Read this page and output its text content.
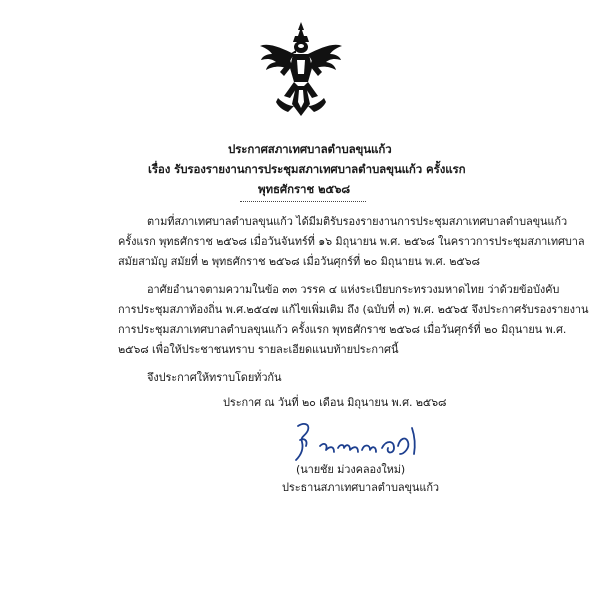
ประกาศสภาเทศบาลตำบลขุนแก้ว
เรื่อง รับรองรายงานการประชุมสภาเทศบาลตำบลขุนแก้ว ครั้งแรก
พุทธศักราช ๒๕๖๘
ตามที่สภาเทศบาลตำบลขุนแก้ว ได้มีมติรับรองรายงานการประชุมสภาเทศบาลตำบลขุนแก้ว
ครั้งแรก พุทธศักราช ๒๕๖๘ เมื่อวันจันทร์ที่ ๑๖ มิถุนายน พ.ศ. ๒๕๖๘ ในคราวการประชุมสภาเทศบาล
สมัยสามัญ สมัยที่ ๒ พุทธศักราช ๒๕๖๘ เมื่อวันศุกร์ที่ ๒๐ มิถุนายน พ.ศ. ๒๕๖๘
อาศัยอำนาจตามความในข้อ ๓๓ วรรค ๔ แห่งระเบียบกระทรวงมหาดไทย ว่าด้วยข้อบังคับ
การประชุมสภาท้องถิ่น พ.ศ.๒๕๔๗ แก้ไขเพิ่มเติม ถึง (ฉบับที่ ๓) พ.ศ. ๒๕๖๕ จึงประกาศรับรองรายงาน
การประชุมสภาเทศบาลตำบลขุนแก้ว ครั้งแรก พุทธศักราช ๒๕๖๘ เมื่อวันศุกร์ที่ ๒๐ มิถุนายน พ.ศ.
๒๕๖๘ เพื่อให้ประชาชนทราบ รายละเอียดแนบท้ายประกาศนี้
จึงประกาศให้ทราบโดยทั่วกัน
ประกาศ ณ วันที่ ๒๐ เดือน มิถุนายน พ.ศ. ๒๕๖๘
(นายชัย ม่วงคลองใหม่)
ประธานสภาเทศบาลตำบลขุนแก้ว
